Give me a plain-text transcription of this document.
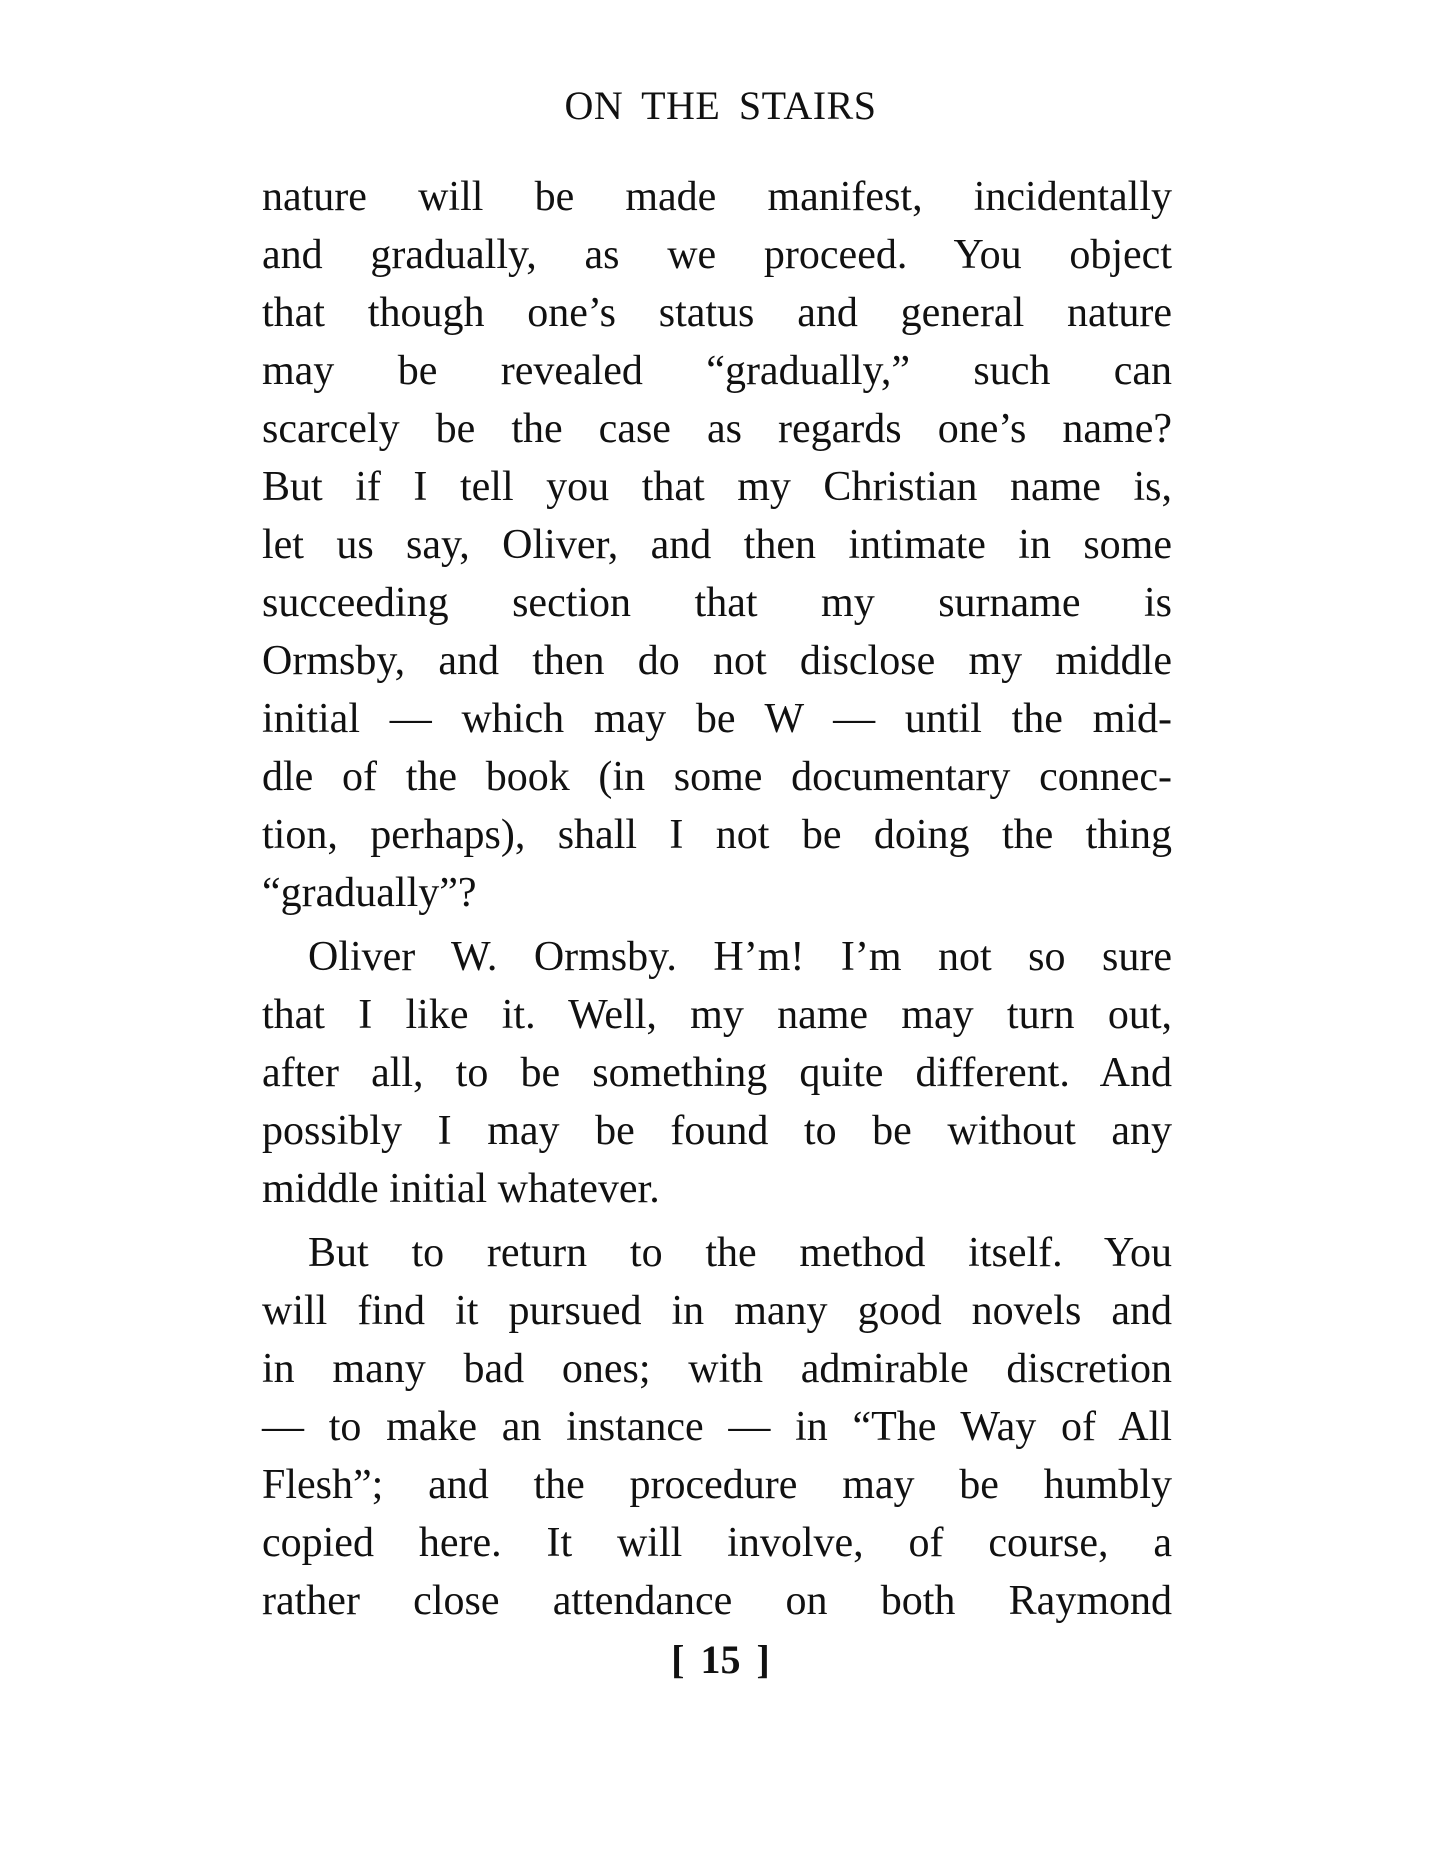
ON THE STAIRS
nature will be made manifest, incidentally
and gradually, as we proceed. You object
that though one’s status and general nature
may be revealed “gradually,” such can
scarcely be the case as regards one’s name?
But if I tell you that my Christian name is,
let us say, Oliver, and then intimate in some
succeeding section that my surname is
Ormsby, and then do not disclose my middle
initial — which may be W — until the mid-
dle of the book (in some documentary connec-
tion, perhaps), shall I not be doing the thing
“gradually”?
Oliver W. Ormsby. H’m! I’m not so sure
that I like it. Well, my name may turn out,
after all, to be something quite different. And
possibly I may be found to be without any
middle initial whatever.
But to return to the method itself. You
will find it pursued in many good novels and
in many bad ones; with admirable discretion
— to make an instance — in “The Way of All
Flesh”; and the procedure may be humbly
copied here. It will involve, of course, a
rather close attendance on both Raymond
[ 15 ]
